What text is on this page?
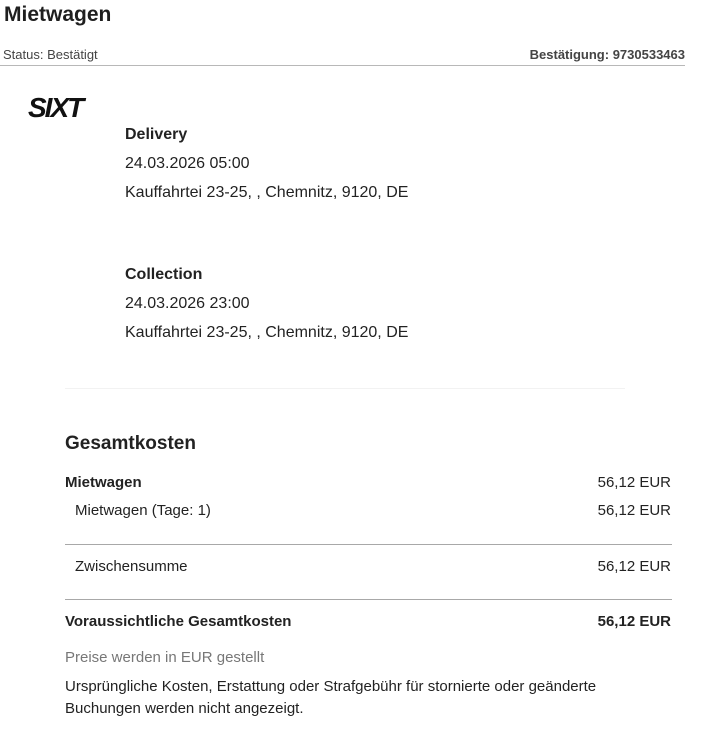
Mietwagen
Status: Bestätigt	Bestätigung: 9730533463
SIXT
Delivery
24.03.2026 05:00
Kauffahrtei 23-25, , Chemnitz, 9120, DE
Collection
24.03.2026 23:00
Kauffahrtei 23-25, , Chemnitz, 9120, DE
Gesamtkosten
Mietwagen	56,12 EUR
Mietwagen (Tage: 1)	56,12 EUR
Zwischensumme	56,12 EUR
Voraussichtliche Gesamtkosten	56,12 EUR
Preise werden in EUR gestellt
Ursprüngliche Kosten, Erstattung oder Strafgebühr für stornierte oder geänderte Buchungen werden nicht angezeigt.
